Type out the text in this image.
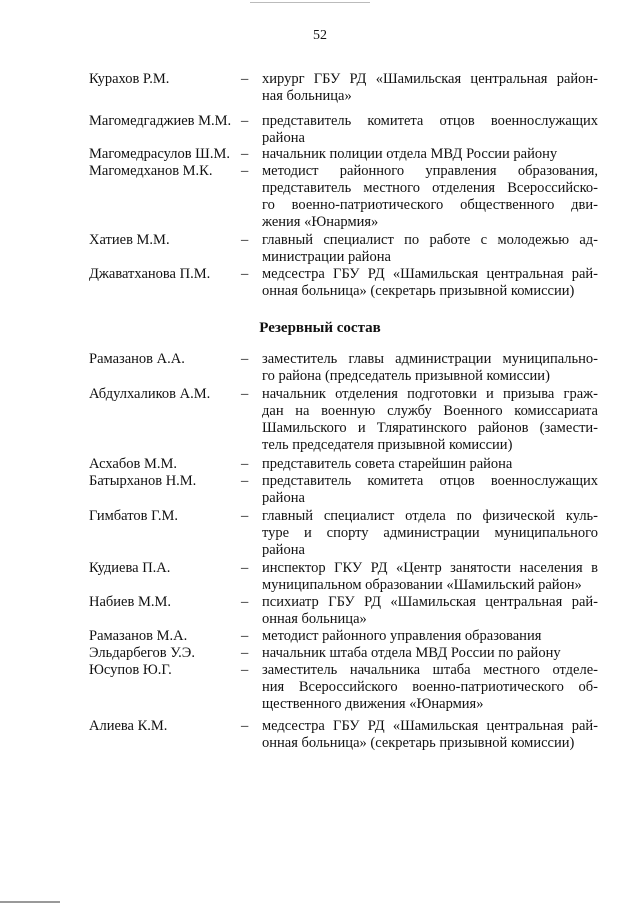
52
Курахов Р.М.	– хирург ГБУ РД «Шамильская центральная район-
ная больница»
Магомедгаджиев М.М. – представитель комитета отцов военнослужащих
района
Магомедрасулов Ш.М. – начальник полиции отдела МВД России району
Магомедханов М.К. – методист районного управления образования,
представитель местного отделения Всероссийско-
го военно-патриотического общественного дви-
жения «Юнармия»
Хатиев М.М.	– главный специалист по работе с молодежью ад-
министрации района
Джаватханова П.М. – медсестра ГБУ РД «Шамильская центральная рай-
онная больница» (секретарь призывной комиссии)
Резервный состав
Рамазанов А.А.	– заместитель главы администрации муниципально-
го района (председатель призывной комиссии)
Абдулхаликов А.М. – начальник отделения подготовки и призыва граж-
дан на военную службу Военного комиссариата
Шамильского и Тляратинского районов (замести-
тель председателя призывной комиссии)
Асхабов М.М.	– представитель совета старейшин района
Батырханов Н.М.	– представитель комитета отцов военнослужащих
района
Гимбатов Г.М.	– главный специалист отдела по физической куль-
туре и спорту администрации муниципального
района
Кудиева П.А.	– инспектор ГКУ РД «Центр занятости населения в
муниципальном образовании «Шамильский район»
Набиев М.М.	– психиатр ГБУ РД «Шамильская центральная рай-
онная больница»
Рамазанов М.А.	– методист районного управления образования
Эльдарбегов У.Э.	– начальник штаба отдела МВД России по району
Юсупов Ю.Г.	– заместитель начальника штаба местного отделе-
ния Всероссийского военно-патриотического об-
щественного движения «Юнармия»
Алиева К.М.	– медсестра ГБУ РД «Шамильская центральная рай-
онная больница» (секретарь призывной комиссии)
